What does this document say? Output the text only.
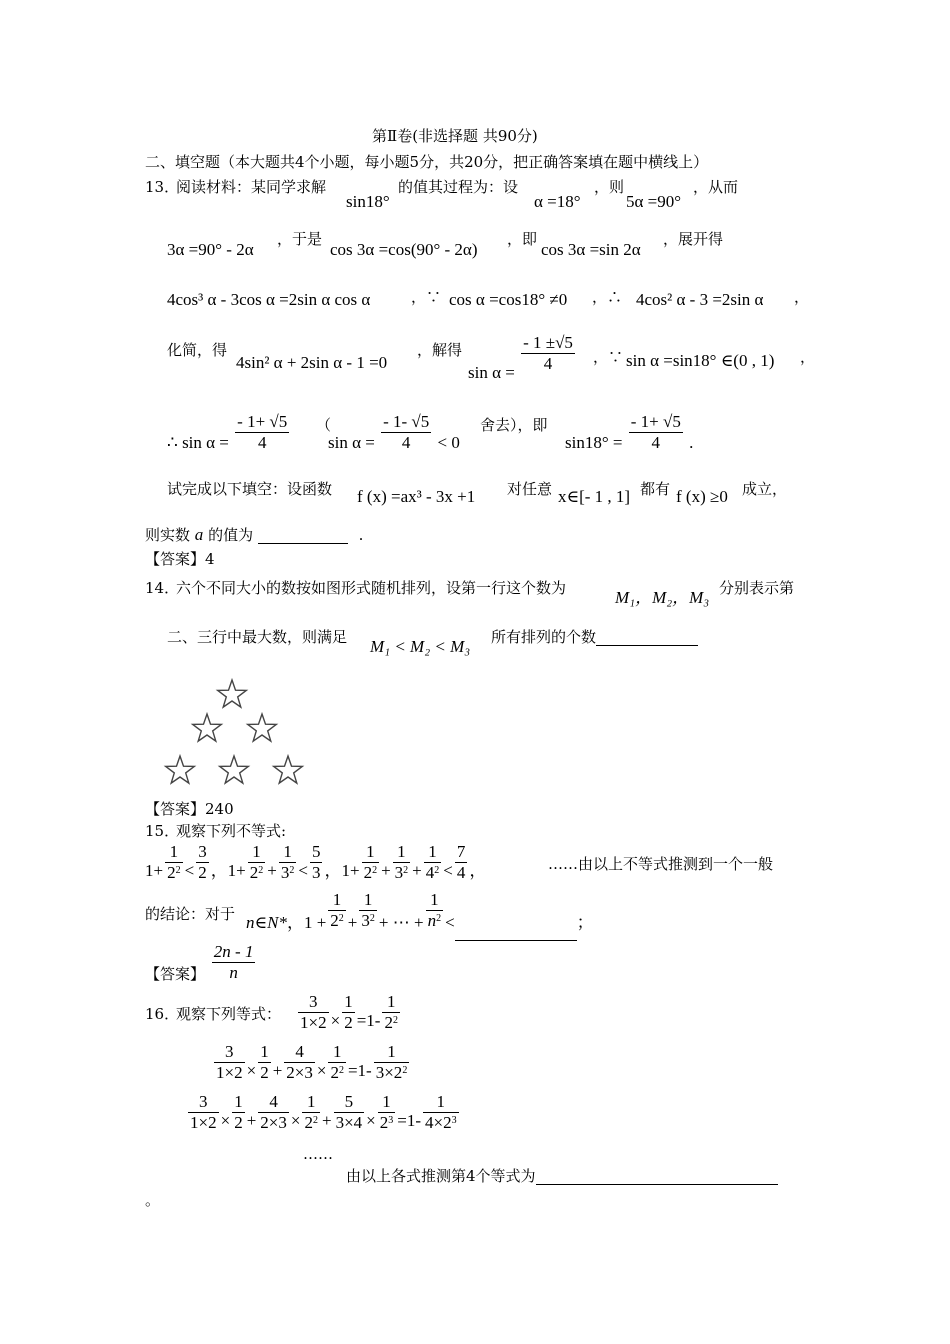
第Ⅱ卷(非选择题 共90分)
二、填空题（本大题共4个小题，每小题5分，共20分，把正确答案填在题中横线上）
13．
阅读材料：某同学求解
sin18°
的值其过程为：设
α =18°
，则
5α =90°
，从而
3α =90° - 2α
，于是
cos 3α =cos(90° - 2α)
，即
cos 3α =sin 2α
，展开得
4cos³ α - 3cos α =2sin α cos α	，∵ cos α =cos18° ≠0 ，∴ 4cos² α - 3 =2sin α ，
化简，得
4sin² α + 2sin α - 1 =0
，解得
$\sin \alpha = \frac{- 1 \pm√5}{4}$ ，∵ sin α =sin18° ∈(0 , 1) ，
∴ $\sin \alpha = \frac{- 1+ √5}{4}$ （
$\sin \alpha = \frac{- 1- √5}{4} < 0$
舍去），即
$\sin 18^\circ = \frac{- 1+ √5}{4}$ .
试完成以下填空：设函数 f (x) =ax³ - 3x +1 对任意 x∈[- 1 , 1] 都有 f (x) ≥0 成立，
则实数 a 的值为	.
【答案】4
14．
六个不同大小的数按如图形式随机排列，设第一行这个数为	M₁，M₂，M₃ 分别表示第
二、三行中最大数，则满足 M₁ < M₂ < M₃ 所有排列的个数
【答案】240
15．
观察下列不等式:
$1+ \frac{1}{2^2} < \frac{3}{2}$ ，$1+ \frac{1}{2^2} + \frac{1}{3^2} < \frac{5}{3}$ ，$1+ \frac{1}{2^2} + \frac{1}{3^2} + \frac{1}{4^2} < \frac{7}{4}$ ，	……由以上不等式推测到一个一般
的结论：对于 n∈N*，$1 + \frac{1}{2^2} + \frac{1}{3^2}$ + ⋯ + $\frac{1}{n^2}$ <	；
【答案】 $\frac{2n - 1}{n}$
16．
观察下列等式： $\frac{3}{1\times 2} \times \frac{1}{2} =1- \frac{1}{2^2}$
$\frac{3}{1\times 2} \times \frac{1}{2} + \frac{4}{2\times 3} \times \frac{1}{2^2} =1- \frac{1}{3\times 2^2}$
$\frac{3}{1\times 2} \times \frac{1}{2} + \frac{4}{2\times 3} \times \frac{1}{2^2} + \frac{5}{3\times 4} \times \frac{1}{2^3} =1- \frac{1}{4\times 2^3}$
……
由以上各式推测第4个等式为
。
